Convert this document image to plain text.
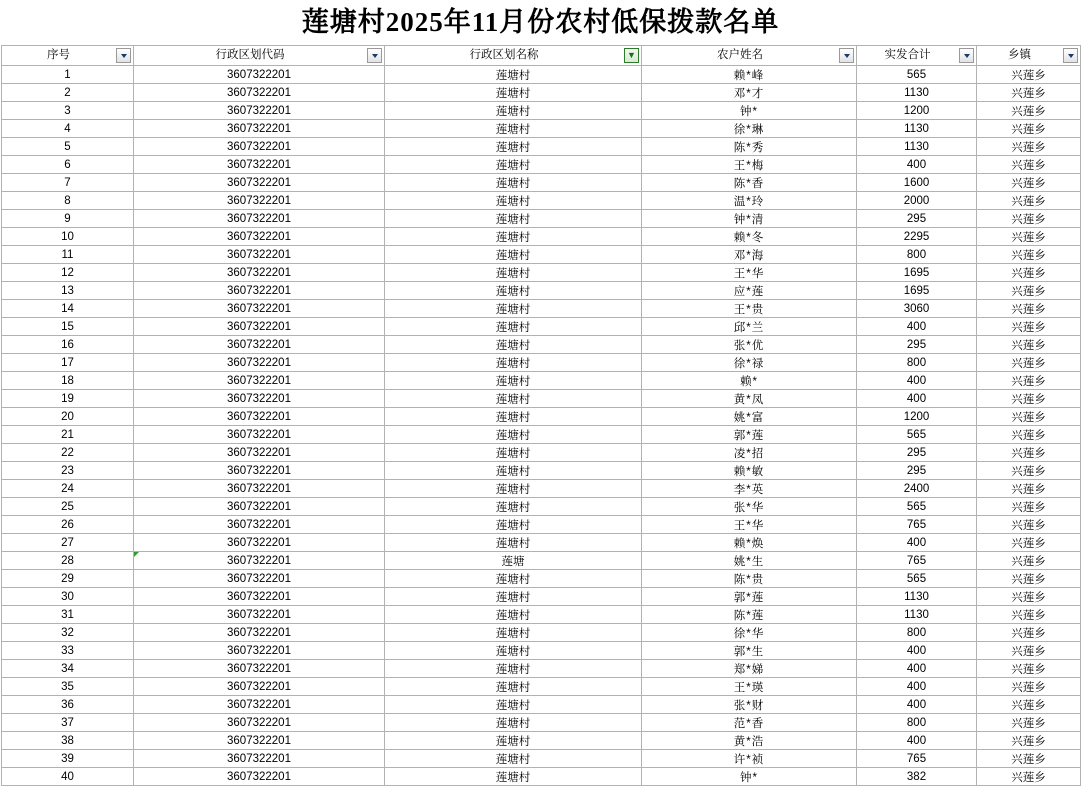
莲塘村2025年11月份农村低保拨款名单
序号	行政区划代码	行政区划名称 ▼	农户姓名	实发合计	乡镇

1	3607322201	莲塘村	赖*峰	565	兴莲乡
2	3607322201	莲塘村	邓*才	1130	兴莲乡
3	3607322201	莲塘村	钟*	1200	兴莲乡
4	3607322201	莲塘村	徐*琳	1130	兴莲乡
5	3607322201	莲塘村	陈*秀	1130	兴莲乡
6	3607322201	莲塘村	王*梅	400	兴莲乡
7	3607322201	莲塘村	陈*香	1600	兴莲乡
8	3607322201	莲塘村	温*玲	2000	兴莲乡
9	3607322201	莲塘村	钟*清	295	兴莲乡
10	3607322201	莲塘村	赖*冬	2295	兴莲乡
11	3607322201	莲塘村	邓*海	800	兴莲乡
12	3607322201	莲塘村	王*华	1695	兴莲乡
13	3607322201	莲塘村	应*莲	1695	兴莲乡
14	3607322201	莲塘村	王*贵	3060	兴莲乡
15	3607322201	莲塘村	邱*兰	400	兴莲乡
16	3607322201	莲塘村	张*优	295	兴莲乡
17	3607322201	莲塘村	徐*禄	800	兴莲乡
18	3607322201	莲塘村	赖*	400	兴莲乡
19	3607322201	莲塘村	黄*凤	400	兴莲乡
20	3607322201	莲塘村	姚*富	1200	兴莲乡
21	3607322201	莲塘村	郭*莲	565	兴莲乡
22	3607322201	莲塘村	凌*招	295	兴莲乡
23	3607322201	莲塘村	赖*敏	295	兴莲乡
24	3607322201	莲塘村	李*英	2400	兴莲乡
25	3607322201	莲塘村	张*华	565	兴莲乡
26	3607322201	莲塘村	王*华	765	兴莲乡
27	3607322201	莲塘村	赖*焕	400	兴莲乡
28	3607322201	莲塘	姚*生	765	兴莲乡
29	3607322201	莲塘村	陈*贵	565	兴莲乡
30	3607322201	莲塘村	郭*莲	1130	兴莲乡
31	3607322201	莲塘村	陈*莲	1130	兴莲乡
32	3607322201	莲塘村	徐*华	800	兴莲乡
33	3607322201	莲塘村	郭*生	400	兴莲乡
34	3607322201	莲塘村	郑*娣	400	兴莲乡
35	3607322201	莲塘村	王*瑛	400	兴莲乡
36	3607322201	莲塘村	张*财	400	兴莲乡
37	3607322201	莲塘村	范*香	800	兴莲乡
38	3607322201	莲塘村	黄*浩	400	兴莲乡
39	3607322201	莲塘村	许*祯	765	兴莲乡
40	3607322201	莲塘村	钟*	382	兴莲乡
